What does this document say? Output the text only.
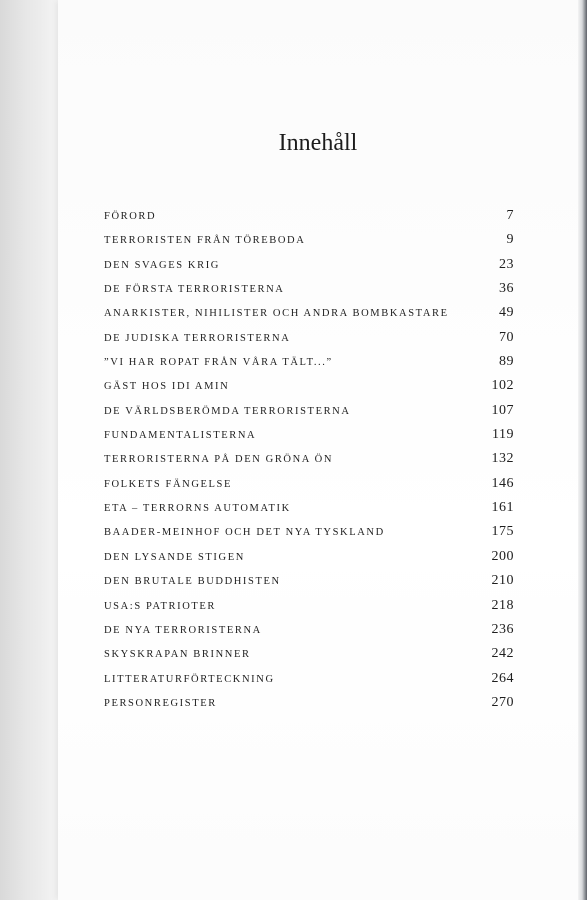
Innehåll
FÖRORD	7
TERRORISTEN FRÅN TÖREBODA	9
DEN SVAGES KRIG	23
DE FÖRSTA TERRORISTERNA	36
ANARKISTER, NIHILISTER OCH ANDRA BOMBKASTARE	49
DE JUDISKA TERRORISTERNA	70
”VI HAR ROPAT FRÅN VÅRA TÄLT...”	89
GÄST HOS IDI AMIN	102
DE VÄRLDSBERÖMDA TERRORISTERNA	107
FUNDAMENTALISTERNA	119
TERRORISTERNA PÅ DEN GRÖNA ÖN	132
FOLKETS FÄNGELSE	146
ETA – TERRORNS AUTOMATIK	161
BAADER-MEINHOF OCH DET NYA TYSKLAND	175
DEN LYSANDE STIGEN	200
DEN BRUTALE BUDDHISTEN	210
USA:S PATRIOTER	218
DE NYA TERRORISTERNA	236
SKYSKRAPAN BRINNER	242
LITTERATURFÖRTECKNING	264
PERSONREGISTER	270
